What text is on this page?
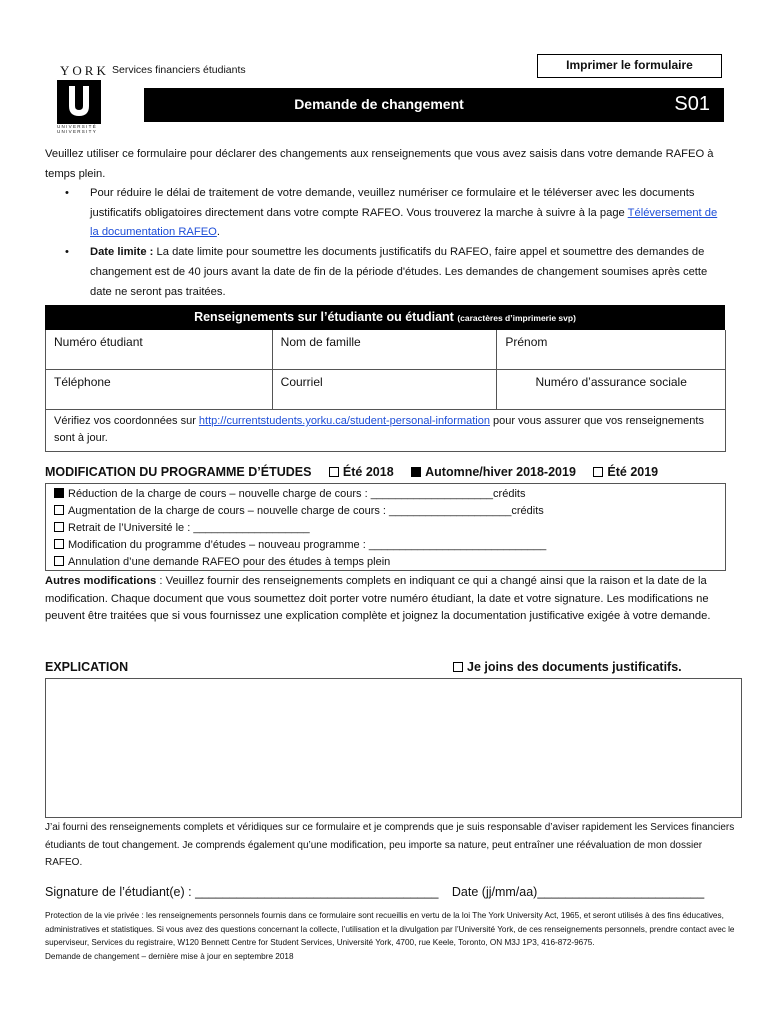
YORK
UNIVERSITÉ
UNIVERSITY
Services financiers étudiants	Imprimer le formulaire
Demande de changement	S01
Veuillez utiliser ce formulaire pour déclarer des changements aux renseignements que vous avez saisis dans votre demande RAFEO à temps plein.
• Pour réduire le délai de traitement de votre demande, veuillez numériser ce formulaire et le téléverser avec les documents justificatifs obligatoires directement dans votre compte RAFEO. Vous trouverez la marche à suivre à la page Téléversement de la documentation RAFEO.
• Date limite : La date limite pour soumettre les documents justificatifs du RAFEO, faire appel et soumettre des demandes de changement est de 40 jours avant la date de fin de la période d'études. Les demandes de changement soumises après cette date ne seront pas traitées.
Renseignements sur l’étudiante ou étudiant (caractères d’imprimerie svp)
Numéro étudiant	Nom de famille	Prénom
Téléphone	Courriel	Numéro d’assurance sociale
Vérifiez vos coordonnées sur http://currentstudents.yorku.ca/student-personal-information pour vous assurer que vos renseignements sont à jour.
MODIFICATION DU PROGRAMME D’ÉTUDES	Été 2018	Automne/hiver 2018-2019	Été 2019
Réduction de la charge de cours – nouvelle charge de cours : ____________________crédits
Augmentation de la charge de cours – nouvelle charge de cours : ____________________crédits
Retrait de l’Université le : ___________________
Modification du programme d’études – nouveau programme : _____________________________
Annulation d’une demande RAFEO pour des études à temps plein
Autres modifications : Veuillez fournir des renseignements complets en indiquant ce qui a changé ainsi que la raison et la date de la modification. Chaque document que vous soumettez doit porter votre numéro étudiant, la date et votre signature. Les modifications ne peuvent être traitées que si vous fournissez une explication complète et joignez la documentation justificative exigée à votre demande.
EXPLICATION	Je joins des documents justificatifs.
J’ai fourni des renseignements complets et véridiques sur ce formulaire et je comprends que je suis responsable d’aviser rapidement les Services financiers étudiants de tout changement. Je comprends également qu’une modification, peu importe sa nature, peut entraîner une réévaluation de mon dossier RAFEO.
Signature de l’étudiant(e) : ___________________________________ Date (jj/mm/aa)________________________
Protection de la vie privée : les renseignements personnels fournis dans ce formulaire sont recueillis en vertu de la loi The York University Act, 1965, et seront utilisés à des fins éducatives, administratives et statistiques. Si vous avez des questions concernant la collecte, l’utilisation et la divulgation par l’Université York, de ces renseignements personnels, prendre contact avec le superviseur, Services du registraire, W120 Bennett Centre for Student Services, Université York, 4700, rue Keele, Toronto, ON M3J 1P3, 416-872-9675.
Demande de changement – dernière mise à jour en septembre 2018
